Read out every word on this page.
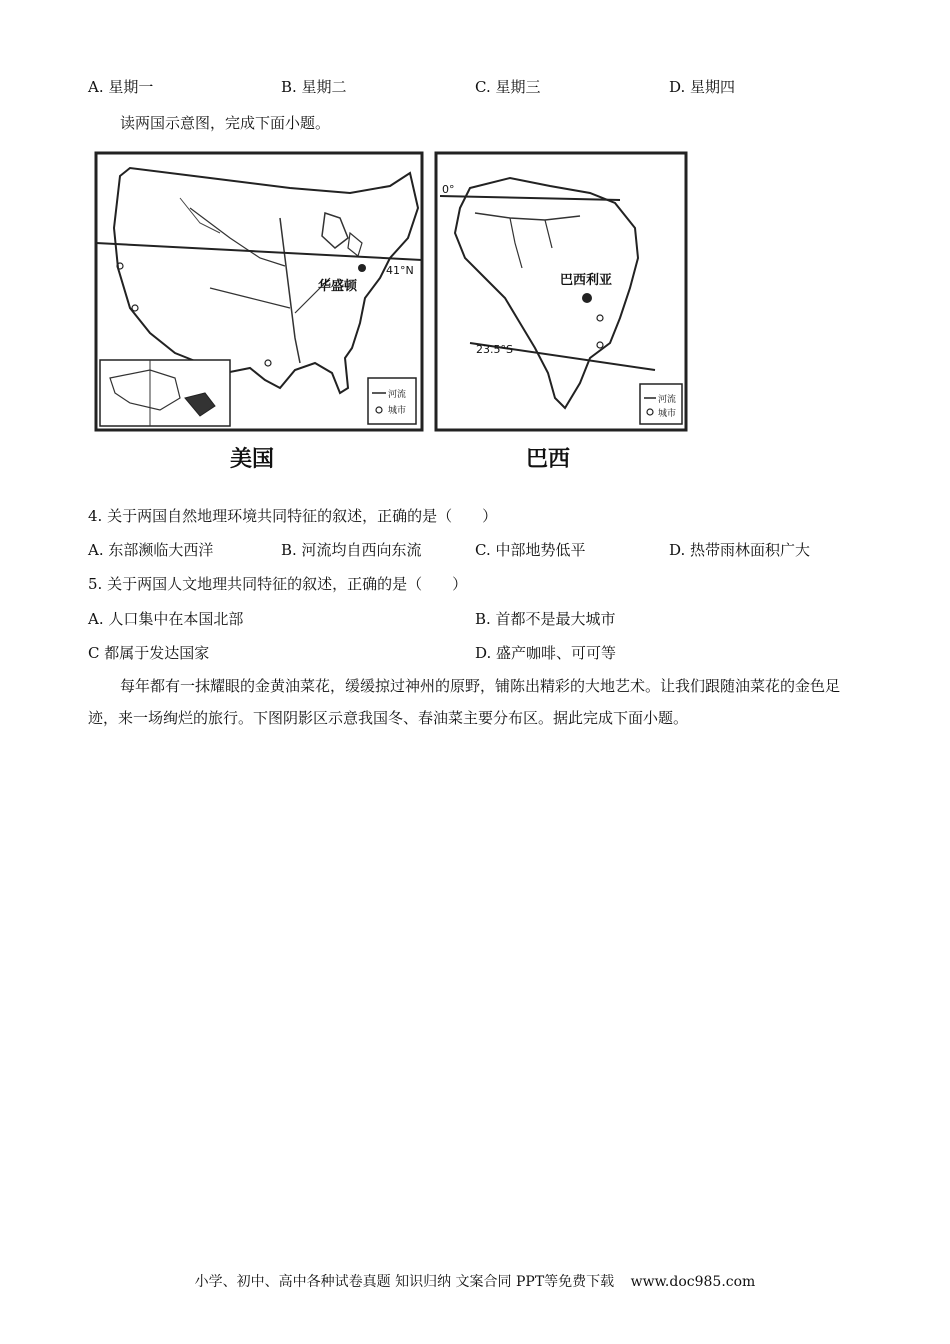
A. 星期一	B. 星期二	C. 星期三	D. 星期四
读两国示意图，完成下面小题。
41°N
华盛顿
河流
城市
0°
23.5°S
巴西利亚
河流
城市
美国	巴西
4. 关于两国自然地理环境共同特征的叙述，正确的是（　　）
A. 东部濒临大西洋	B. 河流均自西向东流	C. 中部地势低平	D. 热带雨林面积广大
5. 关于两国人文地理共同特征的叙述，正确的是（　　）
A. 人口集中在本国北部	B. 首都不是最大城市
C 都属于发达国家	D. 盛产咖啡、可可等
每年都有一抹耀眼的金黄油菜花，缓缓掠过神州的原野，铺陈出精彩的大地艺术。让我们跟随油菜花的金色足迹，来一场绚烂的旅行。下图阴影区示意我国冬、春油菜主要分布区。据此完成下面小题。
小学、初中、高中各种试卷真题 知识归纳 文案合同 PPT等免费下载 www.doc985.com
